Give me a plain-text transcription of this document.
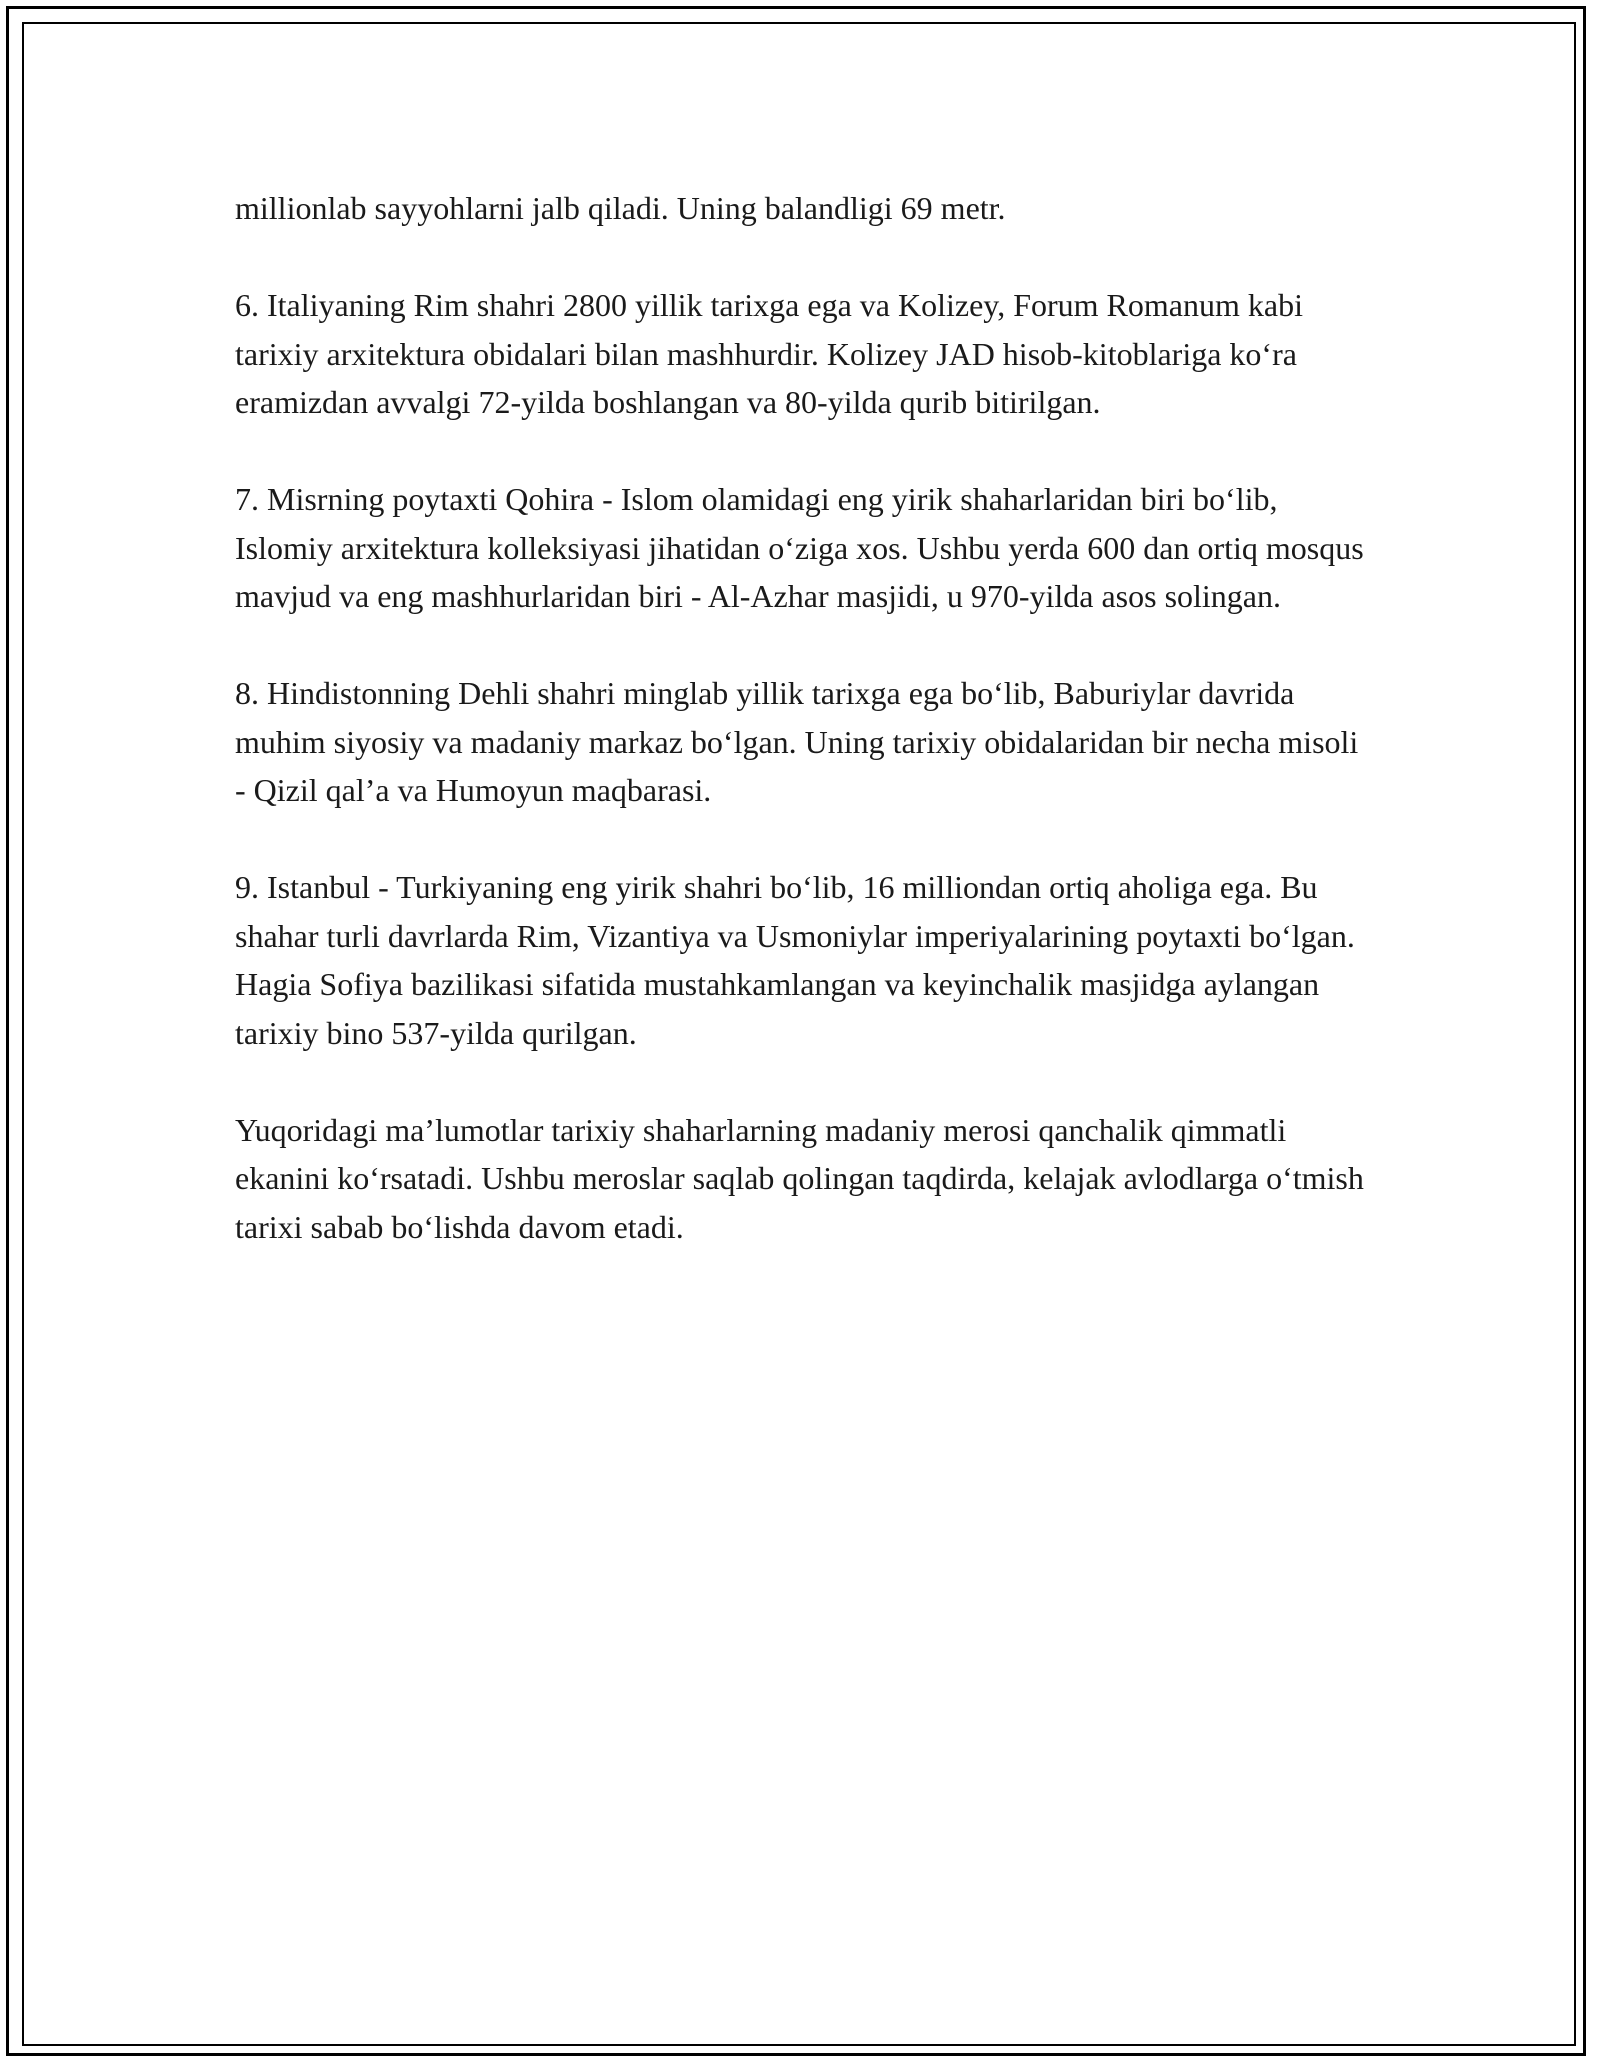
millionlab sayyohlarni jalb qiladi. Uning balandligi 69 metr.

6. Italiyaning Rim shahri 2800 yillik tarixga ega va Kolizey, Forum Romanum kabi tarixiy arxitektura obidalari bilan mashhurdir. Kolizey JAD hisob-kitoblariga koʻra eramizdan avvalgi 72-yilda boshlangan va 80-yilda qurib bitirilgan.

7. Misrning poytaxti Qohira - Islom olamidagi eng yirik shaharlaridan biri boʻlib, Islomiy arxitektura kolleksiyasi jihatidan oʻziga xos. Ushbu yerda 600 dan ortiq mosqus mavjud va eng mashhurlaridan biri - Al-Azhar masjidi, u 970-yilda asos solingan.

8. Hindistonning Dehli shahri minglab yillik tarixga ega boʻlib, Baburiylar davrida muhim siyosiy va madaniy markaz boʻlgan. Uning tarixiy obidalaridan bir necha misoli - Qizil qal’a va Humoyun maqbarasi.

9. Istanbul - Turkiyaning eng yirik shahri boʻlib, 16 milliondan ortiq aholiga ega. Bu shahar turli davrlarda Rim, Vizantiya va Usmoniylar imperiyalarining poytaxti boʻlgan. Hagia Sofiya bazilikasi sifatida mustahkamlangan va keyinchalik masjidga aylangan tarixiy bino 537-yilda qurilgan.

Yuqoridagi ma’lumotlar tarixiy shaharlarning madaniy merosi qanchalik qimmatli ekanini koʻrsatadi. Ushbu meroslar saqlab qolingan taqdirda, kelajak avlodlarga oʻtmish tarixi sabab boʻlishda davom etadi.
